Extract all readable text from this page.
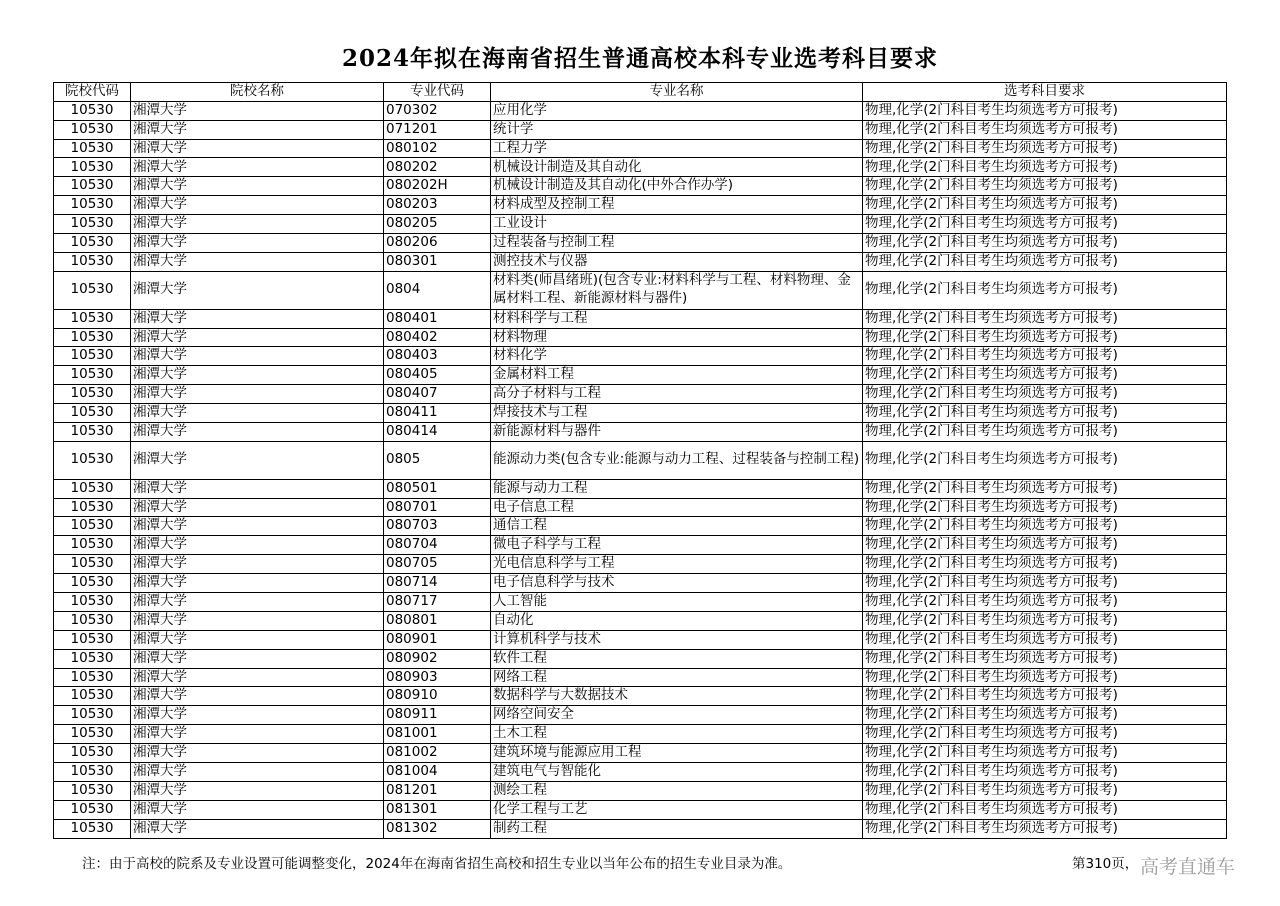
2024年拟在海南省招生普通高校本科专业选考科目要求
院校代码	院校名称	专业代码	专业名称	选考科目要求
10530	湘潭大学	070302	应用化学	物理,化学(2门科目考生均须选考方可报考)
10530	湘潭大学	071201	统计学	物理,化学(2门科目考生均须选考方可报考)
10530	湘潭大学	080102	工程力学	物理,化学(2门科目考生均须选考方可报考)
10530	湘潭大学	080202	机械设计制造及其自动化	物理,化学(2门科目考生均须选考方可报考)
10530	湘潭大学	080202H	机械设计制造及其自动化(中外合作办学)	物理,化学(2门科目考生均须选考方可报考)
10530	湘潭大学	080203	材料成型及控制工程	物理,化学(2门科目考生均须选考方可报考)
10530	湘潭大学	080205	工业设计	物理,化学(2门科目考生均须选考方可报考)
10530	湘潭大学	080206	过程装备与控制工程	物理,化学(2门科目考生均须选考方可报考)
10530	湘潭大学	080301	测控技术与仪器	物理,化学(2门科目考生均须选考方可报考)
10530	湘潭大学	0804	材料类(师昌绪班)(包含专业:材料科学与工程、材料物理、金属材料工程、新能源材料与器件)	物理,化学(2门科目考生均须选考方可报考)
10530	湘潭大学	080401	材料科学与工程	物理,化学(2门科目考生均须选考方可报考)
10530	湘潭大学	080402	材料物理	物理,化学(2门科目考生均须选考方可报考)
10530	湘潭大学	080403	材料化学	物理,化学(2门科目考生均须选考方可报考)
10530	湘潭大学	080405	金属材料工程	物理,化学(2门科目考生均须选考方可报考)
10530	湘潭大学	080407	高分子材料与工程	物理,化学(2门科目考生均须选考方可报考)
10530	湘潭大学	080411	焊接技术与工程	物理,化学(2门科目考生均须选考方可报考)
10530	湘潭大学	080414	新能源材料与器件	物理,化学(2门科目考生均须选考方可报考)
10530	湘潭大学	0805	能源动力类(包含专业:能源与动力工程、过程装备与控制工程)	物理,化学(2门科目考生均须选考方可报考)
10530	湘潭大学	080501	能源与动力工程	物理,化学(2门科目考生均须选考方可报考)
10530	湘潭大学	080701	电子信息工程	物理,化学(2门科目考生均须选考方可报考)
10530	湘潭大学	080703	通信工程	物理,化学(2门科目考生均须选考方可报考)
10530	湘潭大学	080704	微电子科学与工程	物理,化学(2门科目考生均须选考方可报考)
10530	湘潭大学	080705	光电信息科学与工程	物理,化学(2门科目考生均须选考方可报考)
10530	湘潭大学	080714	电子信息科学与技术	物理,化学(2门科目考生均须选考方可报考)
10530	湘潭大学	080717	人工智能	物理,化学(2门科目考生均须选考方可报考)
10530	湘潭大学	080801	自动化	物理,化学(2门科目考生均须选考方可报考)
10530	湘潭大学	080901	计算机科学与技术	物理,化学(2门科目考生均须选考方可报考)
10530	湘潭大学	080902	软件工程	物理,化学(2门科目考生均须选考方可报考)
10530	湘潭大学	080903	网络工程	物理,化学(2门科目考生均须选考方可报考)
10530	湘潭大学	080910	数据科学与大数据技术	物理,化学(2门科目考生均须选考方可报考)
10530	湘潭大学	080911	网络空间安全	物理,化学(2门科目考生均须选考方可报考)
10530	湘潭大学	081001	土木工程	物理,化学(2门科目考生均须选考方可报考)
10530	湘潭大学	081002	建筑环境与能源应用工程	物理,化学(2门科目考生均须选考方可报考)
10530	湘潭大学	081004	建筑电气与智能化	物理,化学(2门科目考生均须选考方可报考)
10530	湘潭大学	081201	测绘工程	物理,化学(2门科目考生均须选考方可报考)
10530	湘潭大学	081301	化学工程与工艺	物理,化学(2门科目考生均须选考方可报考)
10530	湘潭大学	081302	制药工程	物理,化学(2门科目考生均须选考方可报考)
注：由于高校的院系及专业设置可能调整变化，2024年在海南省招生高校和招生专业以当年公布的招生专业目录为准。	第310页， 高考直通车
